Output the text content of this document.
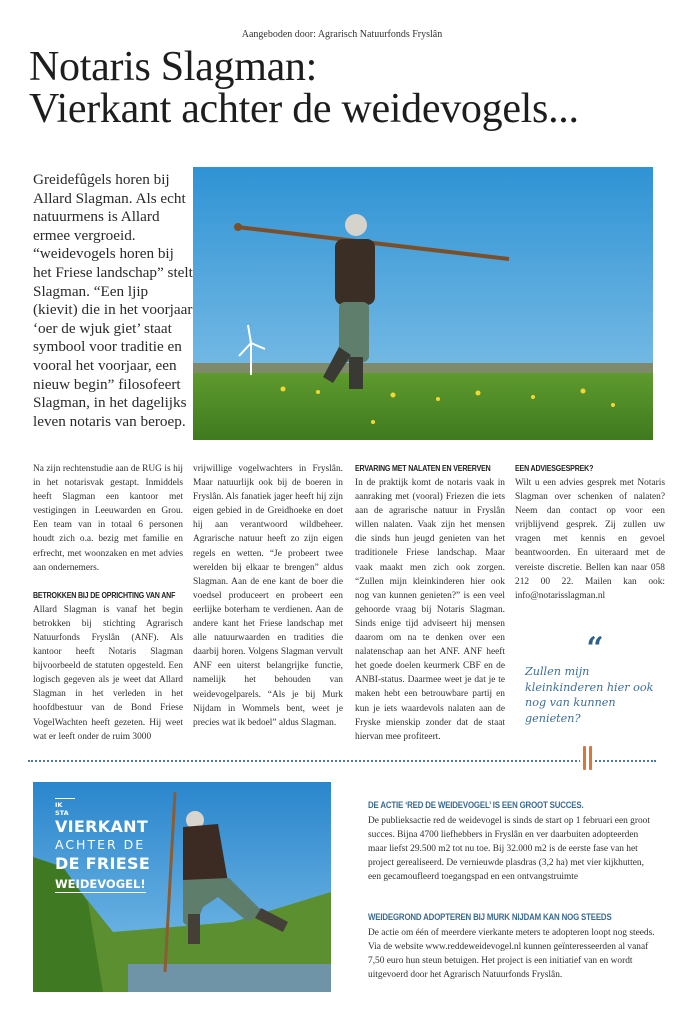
Aangeboden door: Agrarisch Natuurfonds Fryslân
Notaris Slagman:
Vierkant achter de weidevogels...
Greidefûgels horen bij Allard Slagman. Als echt natuurmens is Allard ermee vergroeid. “weidevogels horen bij het Friese landschap” stelt Slagman. “Een ljip (kievit) die in het voorjaar ‘oer de wjuk giet’ staat symbool voor traditie en vooral het voorjaar, een nieuw begin” filosofeert Slagman, in het dagelijks leven notaris van beroep.

Na zijn rechtenstudie aan de RUG is hij in het notarisvak gestapt. Inmiddels heeft Slagman een kantoor met vestigingen in Leeuwarden en Grou. Een team van in totaal 6 personen houdt zich o.a. bezig met familie en erfrecht, met woonzaken en met advies aan ondernemers.

BETROKKEN BIJ DE OPRICHTING VAN ANF

Allard Slagman is vanaf het begin betrokken bij stichting Agrarisch Natuurfonds Fryslân (ANF). Als kantoor heeft Notaris Slagman bijvoorbeeld de statuten opgesteld. Een logisch gegeven als je weet dat Allard Slagman in het verleden in het hoofdbestuur van de Bond Friese VogelWachten heeft gezeten. Hij weet wat er leeft onder de ruim 3000

vrijwillige vogelwachters in Fryslân. Maar natuurlijk ook bij de boeren in Fryslân. Als fanatiek jager heeft hij zijn eigen gebied in de Greidhoeke en doet hij aan verantwoord wildbeheer. Agrarische natuur heeft zo zijn eigen regels en wetten. “Je probeert twee werelden bij elkaar te brengen” aldus Slagman. Aan de ene kant de boer die voedsel produceert en probeert een eerlijke boterham te verdienen. Aan de andere kant het Friese landschap met alle natuurwaarden en tradities die daarbij horen. Volgens Slagman vervult ANF een uiterst belangrijke functie, namelijk het behouden van weidevogelparels. “Als je bij Murk Nijdam in Wommels bent, weet je precies wat ik bedoel” aldus Slagman.

ERVARING MET NALATEN EN VERERVEN

In de praktijk komt de notaris vaak in aanraking met (vooral) Friezen die iets aan de agrarische natuur in Fryslân willen nalaten. Vaak zijn het mensen die sinds hun jeugd genieten van het traditionele Friese landschap. Maar vaak maakt men zich ook zorgen. “Zullen mijn kleinkinderen hier ook nog van kunnen genieten?” is een veel gehoorde vraag bij Notaris Slagman. Sinds enige tijd adviseert hij mensen daarom om na te denken over een nalatenschap aan het ANF. ANF heeft het goede doelen keurmerk CBF en de ANBI-status. Daarmee weet je dat je te maken hebt een betrouwbare partij en kun je iets waardevols nalaten aan de Fryske mienskip zonder dat de staat hiervan mee profiteert.

EEN ADVIESGESPREK?

Wilt u een advies gesprek met Notaris Slagman over schenken of nalaten? Neem dan contact op voor een vrijblijvend gesprek. Zij zullen uw vragen met kennis en gevoel beantwoorden. En uiteraard met de vereiste discretie. Bellen kan naar 058 212 00 22. Mailen kan ook: info@notarisslagman.nl

“
Zullen mijn kleinkinderen hier ook nog van kunnen genieten?
IK STA
VIERKANT
ACHTER DE
DE FRIESE
WEIDEVOGEL!
DE ACTIE ‘RED DE WEIDEVOGEL’ IS EEN GROOT SUCCES.

De publieksactie red de weidevogel is sinds de start op 1 februari een groot succes. Bijna 4700 liefhebbers in Fryslân en ver daarbuiten adopteerden maar liefst 29.500 m2 tot nu toe. Bij 32.000 m2 is de eerste fase van het project gerealiseerd. De vernieuwde plasdras (3,2 ha) met vier kijkhutten, een gecamoufleerd toegangspad en een ontvangstruimte

WEIDEGROND ADOPTEREN BIJ MURK NIJDAM KAN NOG STEEDS

De actie om één of meerdere vierkante meters te adopteren loopt nog steeds. Via de website www.reddeweidevogel.nl kunnen geïnteresseerden al vanaf 7,50 euro hun steun betuigen. Het project is een initiatief van en wordt uitgevoerd door het Agrarisch Natuurfonds Fryslân.
